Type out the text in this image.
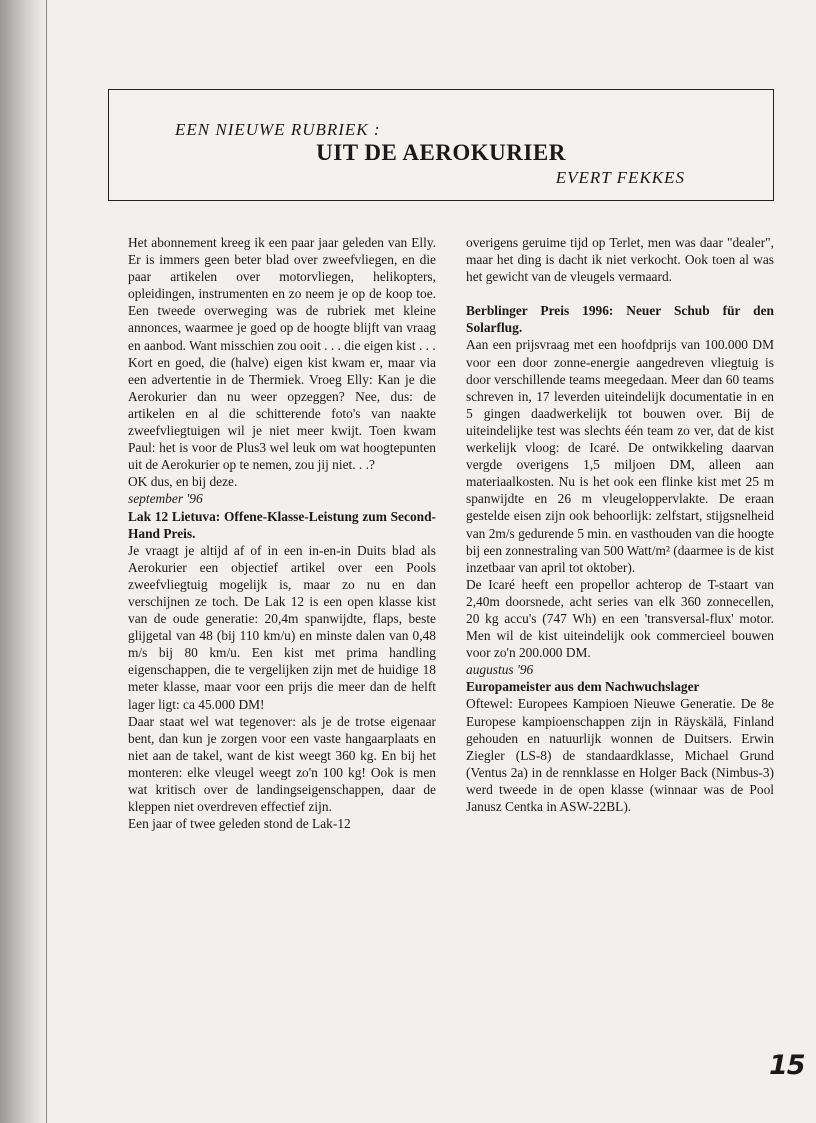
EEN NIEUWE RUBRIEK :
UIT DE AEROKURIER
EVERT FEKKES

Het abonnement kreeg ik een paar jaar geleden van Elly. Er is immers geen beter blad over zweefvliegen, en die paar artikelen over motorvliegen, helikopters, opleidingen, instrumenten en zo neem je op de koop toe. Een tweede overweging was de rubriek met kleine annonces, waarmee je goed op de hoogte blijft van vraag en aanbod. Want misschien zou ooit . . . die eigen kist . . .

Kort en goed, die (halve) eigen kist kwam er, maar via een advertentie in de Thermiek. Vroeg Elly: Kan je die Aerokurier dan nu weer opzeggen? Nee, dus: de artikelen en al die schitterende foto's van naakte zweefvliegtuigen wil je niet meer kwijt. Toen kwam Paul: het is voor de Plus3 wel leuk om wat hoogtepunten uit de Aerokurier op te nemen, zou jij niet. . .?

OK dus, en bij deze.

september '96

Lak 12 Lietuva: Offene-Klasse-Leistung zum Second- Hand Preis.

Je vraagt je altijd af of in een in-en-in Duits blad als Aerokurier een objectief artikel over een Pools zweefvliegtuig mogelijk is, maar zo nu en dan verschijnen ze toch. De Lak 12 is een open klasse kist van de oude generatie: 20,4m spanwijdte, flaps, beste glijgetal van 48 (bij 110 km/u) en minste dalen van 0,48 m/s bij 80 km/u. Een kist met prima handling eigenschappen, die te vergelijken zijn met de huidige 18 meter klasse, maar voor een prijs die meer dan de helft lager ligt: ca 45.000 DM!

Daar staat wel wat tegenover: als je de trotse eigenaar bent, dan kun je zorgen voor een vaste hangaarplaats en niet aan de takel, want de kist weegt 360 kg. En bij het monteren: elke vleugel weegt zo'n 100 kg! Ook is men wat kritisch over de landingseigenschappen, daar de kleppen niet overdreven effectief zijn.

Een jaar of twee geleden stond de Lak-12

overigens geruime tijd op Terlet, men was daar "dealer", maar het ding is dacht ik niet verkocht. Ook toen al was het gewicht van de vleugels vermaard.

Berblinger Preis 1996: Neuer Schub für den Solarflug.

Aan een prijsvraag met een hoofdprijs van 100.000 DM voor een door zonne-energie aangedreven vliegtuig is door verschillende teams meegedaan. Meer dan 60 teams schreven in, 17 leverden uiteindelijk documentatie in en 5 gingen daadwerkelijk tot bouwen over. Bij de uiteindelijke test was slechts één team zo ver, dat de kist werkelijk vloog: de Icaré. De ontwikkeling daarvan vergde overigens 1,5 miljoen DM, alleen aan materiaalkosten. Nu is het ook een flinke kist met 25 m spanwijdte en 26 m vleugeloppervlakte. De eraan gestelde eisen zijn ook behoorlijk: zelfstart, stijgsnelheid van 2m/s gedurende 5 min. en vasthouden van die hoogte bij een zonnestraling van 500 Watt/m² (daarmee is de kist inzetbaar van april tot oktober).

De Icaré heeft een propellor achterop de T-staart van 2,40m doorsnede, acht series van elk 360 zonnecellen, 20 kg accu's (747 Wh) en een 'transversal-flux' motor. Men wil de kist uiteindelijk ook commercieel bouwen voor zo'n 200.000 DM.

augustus '96

Europameister aus dem Nachwuchslager

Oftewel: Europees Kampioen Nieuwe Generatie. De 8e Europese kampioenschappen zijn in Räyskälä, Finland gehouden en natuurlijk wonnen de Duitsers. Erwin Ziegler (LS-8) de standaardklasse, Michael Grund (Ventus 2a) in de rennklasse en Holger Back (Nimbus-3) werd tweede in de open klasse (winnaar was de Pool Janusz Centka in ASW-22BL).

15
